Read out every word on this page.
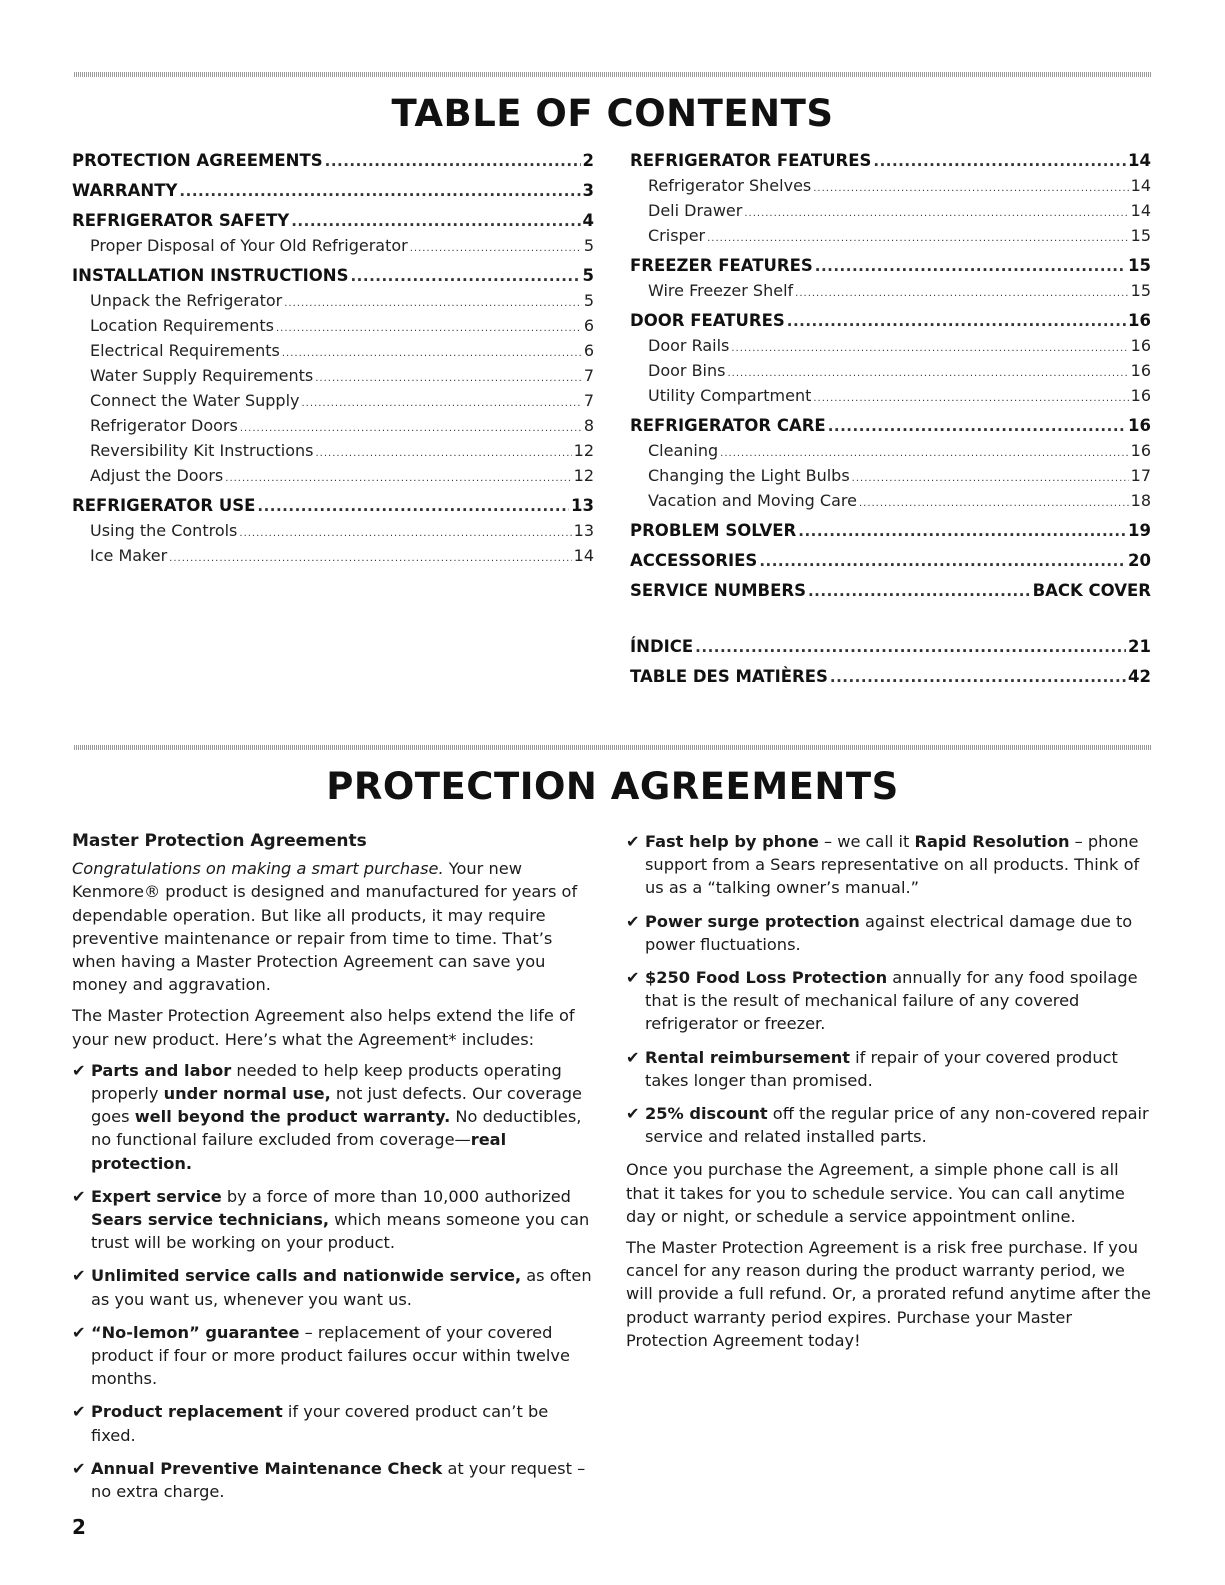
TABLE OF CONTENTS
PROTECTION AGREEMENTS .....	2
WARRANTY .....	3
REFRIGERATOR SAFETY .....	4
Proper Disposal of Your Old Refrigerator .....	5
INSTALLATION INSTRUCTIONS .....	5
Unpack the Refrigerator .....	5
Location Requirements .....	6
Electrical Requirements .....	6
Water Supply Requirements .....	7
Connect the Water Supply .....	7
Refrigerator Doors .....	8
Reversibility Kit Instructions .....	12
Adjust the Doors .....	12
REFRIGERATOR USE .....	13
Using the Controls .....	13
Ice Maker .....	14
REFRIGERATOR FEATURES .....	14
Refrigerator Shelves .....	14
Deli Drawer .....	14
Crisper .....	15
FREEZER FEATURES .....	15
Wire Freezer Shelf .....	15
DOOR FEATURES .....	16
Door Rails .....	16
Door Bins .....	16
Utility Compartment .....	16
REFRIGERATOR CARE .....	16
Cleaning .....	16
Changing the Light Bulbs .....	17
Vacation and Moving Care .....	18
PROBLEM SOLVER .....	19
ACCESSORIES .....	20
SERVICE NUMBERS .....	BACK COVER
ÍNDICE .....	21
TABLE DES MATIÈRES .....	42
PROTECTION AGREEMENTS
Master Protection Agreements

Congratulations on making a smart purchase. Your new Kenmore® product is designed and manufactured for years of dependable operation. But like all products, it may require preventive maintenance or repair from time to time. That’s when having a Master Protection Agreement can save you money and aggravation.

The Master Protection Agreement also helps extend the life of your new product. Here’s what the Agreement* includes:

✔ Parts and labor needed to help keep products operating properly under normal use, not just defects. Our coverage goes well beyond the product warranty. No deductibles, no functional failure excluded from coverage—real protection.
✔ Expert service by a force of more than 10,000 authorized Sears service technicians, which means someone you can trust will be working on your product.
✔ Unlimited service calls and nationwide service, as often as you want us, whenever you want us.
✔ “No-lemon” guarantee – replacement of your covered product if four or more product failures occur within twelve months.
✔ Product replacement if your covered product can’t be fixed.
✔ Annual Preventive Maintenance Check at your request – no extra charge.
✔ Fast help by phone – we call it Rapid Resolution – phone support from a Sears representative on all products. Think of us as a “talking owner’s manual.”
✔ Power surge protection against electrical damage due to power fluctuations.
✔ $250 Food Loss Protection annually for any food spoilage that is the result of mechanical failure of any covered refrigerator or freezer.
✔ Rental reimbursement if repair of your covered product takes longer than promised.
✔ 25% discount off the regular price of any non-covered repair service and related installed parts.

Once you purchase the Agreement, a simple phone call is all that it takes for you to schedule service. You can call anytime day or night, or schedule a service appointment online.

The Master Protection Agreement is a risk free purchase. If you cancel for any reason during the product warranty period, we will provide a full refund. Or, a prorated refund anytime after the product warranty period expires. Purchase your Master Protection Agreement today!

2
